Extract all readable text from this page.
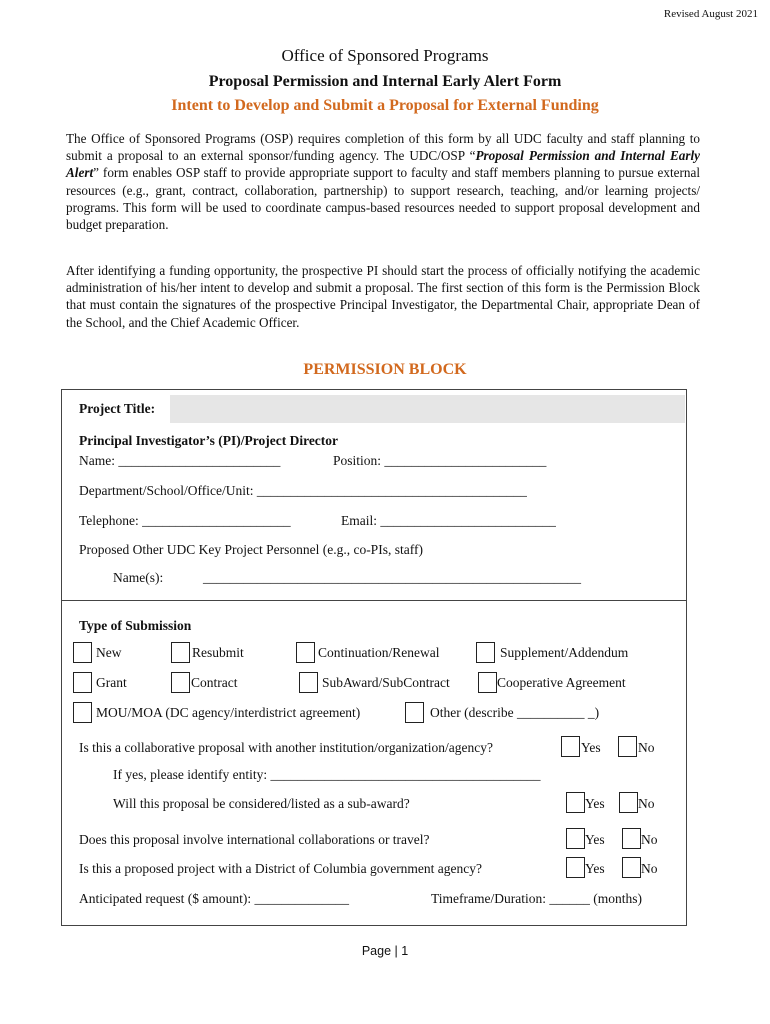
Revised August 2021
Office of Sponsored Programs
Proposal Permission and Internal Early Alert Form
Intent to Develop and Submit a Proposal for External Funding

The Office of Sponsored Programs (OSP) requires completion of this form by all UDC faculty and staff planning to submit a proposal to an external sponsor/funding agency. The UDC/OSP “Proposal Permission and Internal Early Alert” form enables OSP staff to provide appropriate support to faculty and staff members planning to pursue external resources (e.g., grant, contract, collaboration, partnership) to support research, teaching, and/or learning projects/ programs. This form will be used to coordinate campus-based resources needed to support proposal development and budget preparation.

After identifying a funding opportunity, the prospective PI should start the process of officially notifying the academic administration of his/her intent to develop and submit a proposal. The first section of this form is the Permission Block that must contain the signatures of the prospective Principal Investigator, the Departmental Chair, appropriate Dean of the School, and the Chief Academic Officer.

PERMISSION BLOCK
Project Title:
Principal Investigator’s (PI)/Project Director
Name: ________________________	Position: ________________________
Department/School/Office/Unit: ________________________________________
Telephone: ______________________	Email: __________________________
Proposed Other UDC Key Project Personnel (e.g., co-PIs, staff)
Name(s):	________________________________________________________
Type of Submission
New	Resubmit	Continuation/Renewal	Supplement/Addendum
Grant	Contract	SubAward/SubContract	Cooperative Agreement
MOU/MOA (DC agency/interdistrict agreement)	Other (describe __________ _)
Is this a collaborative proposal with another institution/organization/agency?	Yes	No
If yes, please identify entity: ________________________________________
Will this proposal be considered/listed as a sub-award?	Yes No
Does this proposal involve international collaborations or travel?	Yes	No
Is this a proposed project with a District of Columbia government agency?	Yes	No
Anticipated request ($ amount): ______________	Timeframe/Duration: ______ (months)
Page | 1
